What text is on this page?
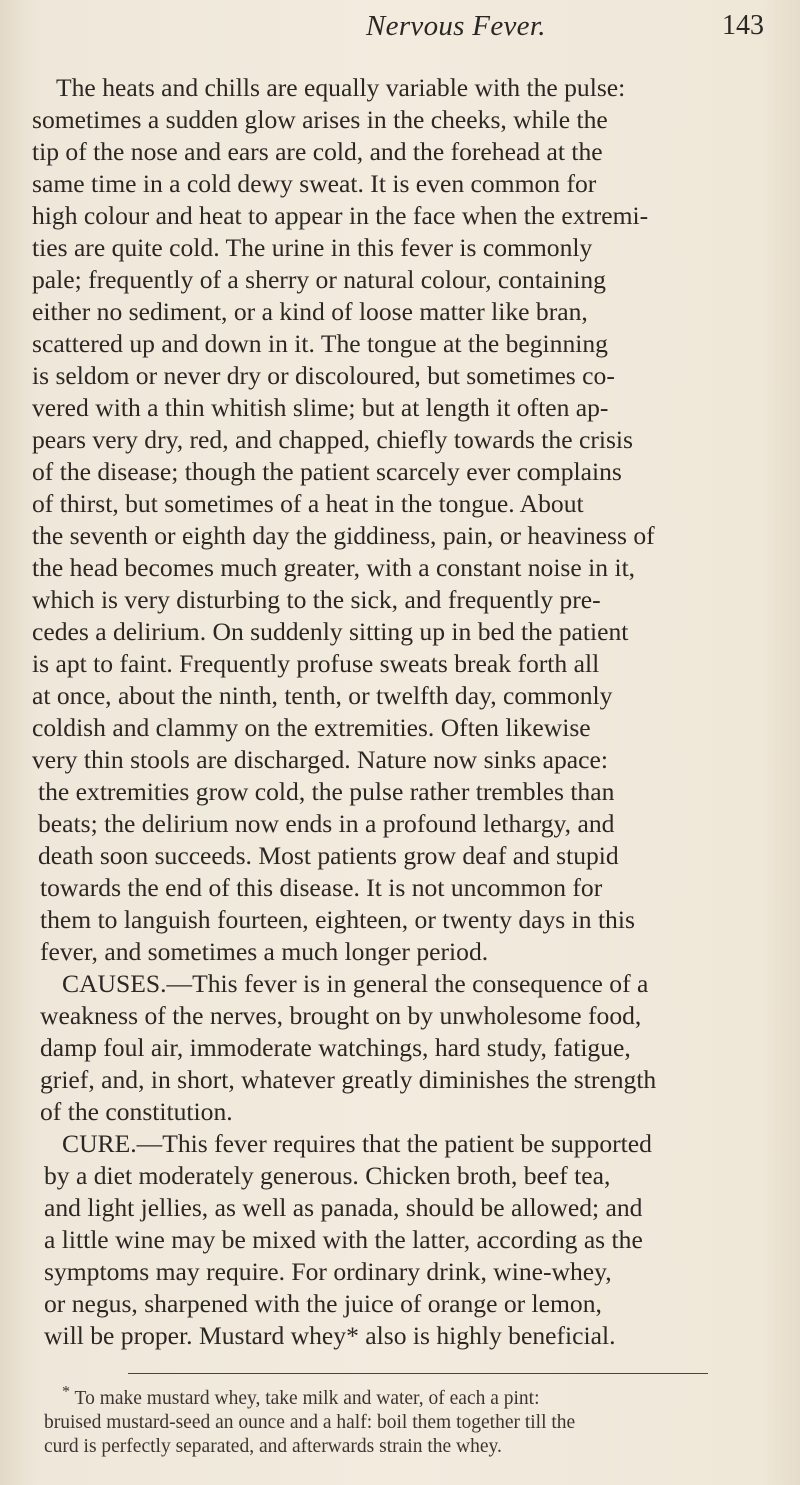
Nervous Fever.	143
The heats and chills are equally variable with the pulse:
sometimes a sudden glow arises in the cheeks, while the
tip of the nose and ears are cold, and the forehead at the
same time in a cold dewy sweat. It is even common for
high colour and heat to appear in the face when the extremi-
ties are quite cold. The urine in this fever is commonly
pale; frequently of a sherry or natural colour, containing
either no sediment, or a kind of loose matter like bran,
scattered up and down in it. The tongue at the beginning
is seldom or never dry or discoloured, but sometimes co-
vered with a thin whitish slime; but at length it often ap-
pears very dry, red, and chapped, chiefly towards the crisis
of the disease; though the patient scarcely ever complains
of thirst, but sometimes of a heat in the tongue. About
the seventh or eighth day the giddiness, pain, or heaviness of
the head becomes much greater, with a constant noise in it,
which is very disturbing to the sick, and frequently pre-
cedes a delirium. On suddenly sitting up in bed the patient
is apt to faint. Frequently profuse sweats break forth all
at once, about the ninth, tenth, or twelfth day, commonly
coldish and clammy on the extremities. Often likewise
very thin stools are discharged. Nature now sinks apace:
the extremities grow cold, the pulse rather trembles than
beats; the delirium now ends in a profound lethargy, and
death soon succeeds. Most patients grow deaf and stupid
towards the end of this disease. It is not uncommon for
them to languish fourteen, eighteen, or twenty days in this
fever, and sometimes a much longer period.
CAUSES.—This fever is in general the consequence of a
weakness of the nerves, brought on by unwholesome food,
damp foul air, immoderate watchings, hard study, fatigue,
grief, and, in short, whatever greatly diminishes the strength
of the constitution.
CURE.—This fever requires that the patient be supported
by a diet moderately generous. Chicken broth, beef tea,
and light jellies, as well as panada, should be allowed; and
a little wine may be mixed with the latter, according as the
symptoms may require. For ordinary drink, wine-whey,
or negus, sharpened with the juice of orange or lemon,
will be proper. Mustard whey* also is highly beneficial.
* To make mustard whey, take milk and water, of each a pint:
bruised mustard-seed an ounce and a half: boil them together till the
curd is perfectly separated, and afterwards strain the whey.
